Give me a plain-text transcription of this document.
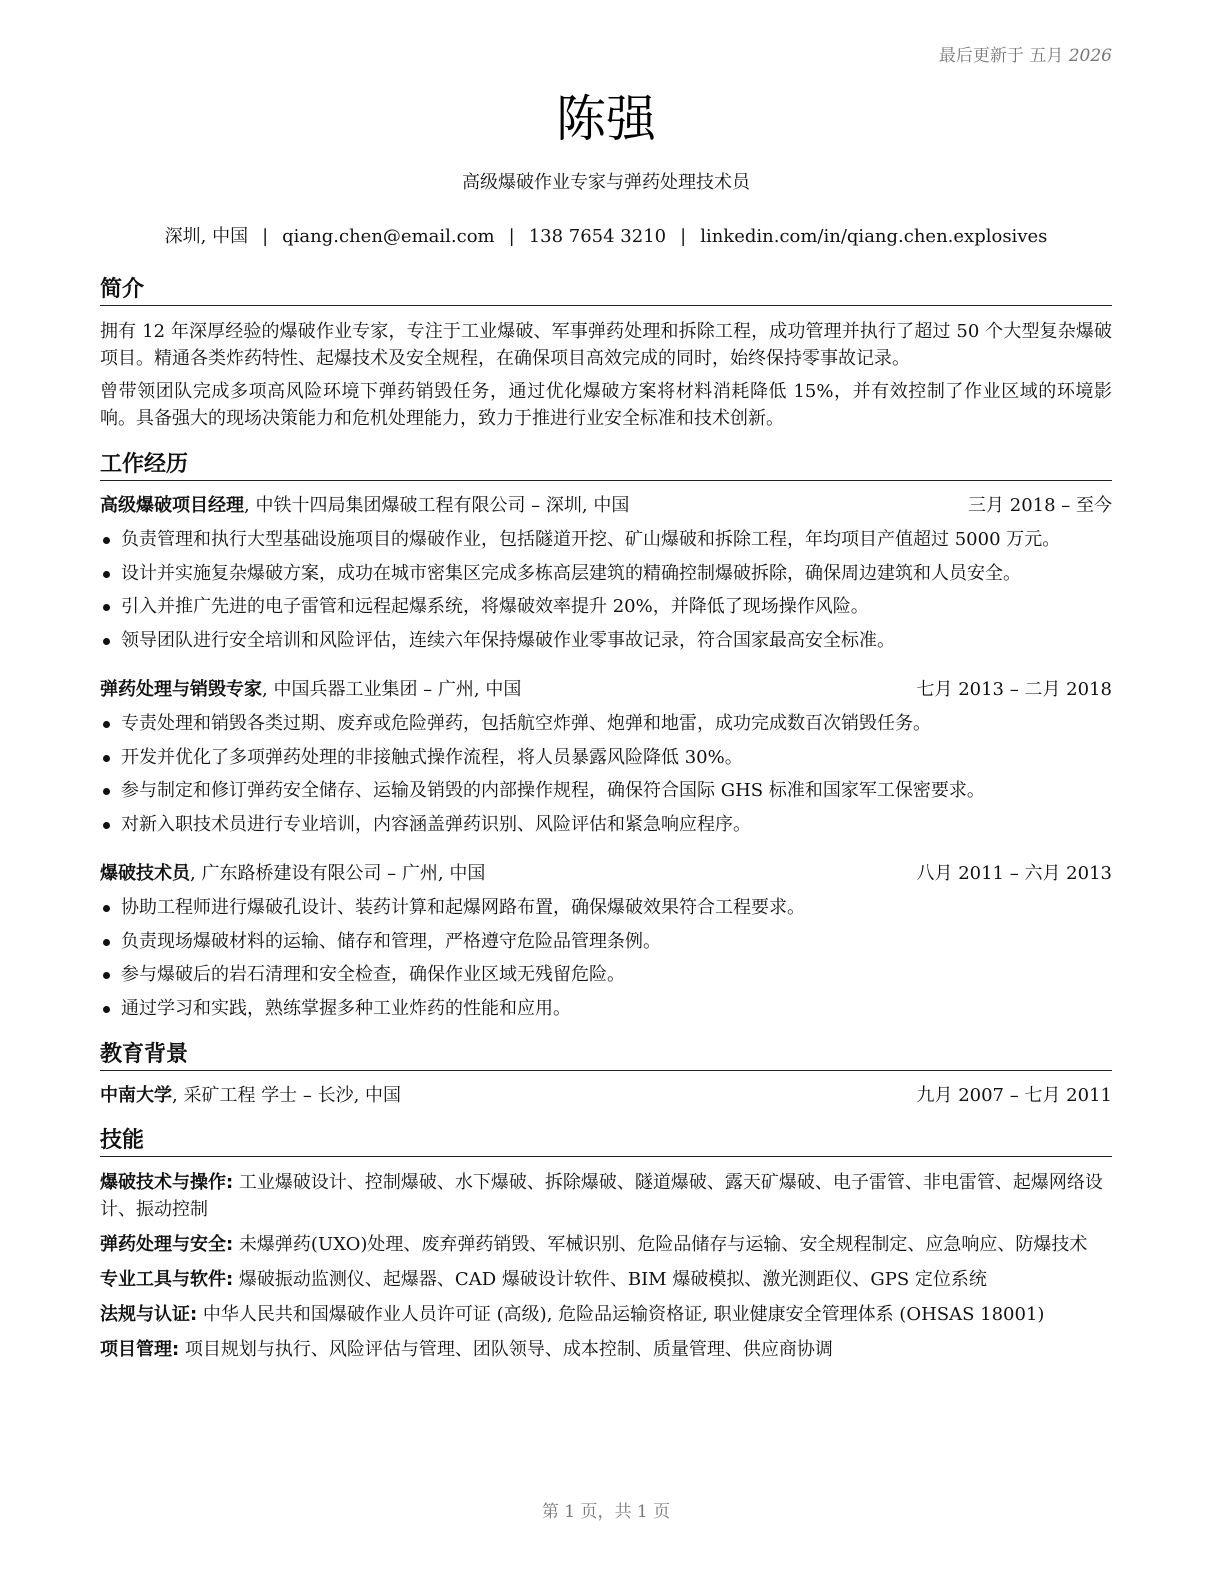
最后更新于 五月 2026
陈强
高级爆破作业专家与弹药处理技术员
深圳, 中国 | qiang.chen@email.com | 138 7654 3210 | linkedin.com/in/qiang.chen.explosives
简介

拥有 12 年深厚经验的爆破作业专家，专注于工业爆破、军事弹药处理和拆除工程，成功管理并执行了超过 50 个大型复杂爆破项目。精通各类炸药特性、起爆技术及安全规程，在确保项目高效完成的同时，始终保持零事故记录。

曾带领团队完成多项高风险环境下弹药销毁任务，通过优化爆破方案将材料消耗降低 15%，并有效控制了作业区域的环境影响。具备强大的现场决策能力和危机处理能力，致力于推进行业安全标准和技术创新。

工作经历
高级爆破项目经理, 中铁十四局集团爆破工程有限公司 – 深圳, 中国	三月 2018 – 至今
负责管理和执行大型基础设施项目的爆破作业，包括隧道开挖、矿山爆破和拆除工程，年均项目产值超过 5000 万元。
设计并实施复杂爆破方案，成功在城市密集区完成多栋高层建筑的精确控制爆破拆除，确保周边建筑和人员安全。
引入并推广先进的电子雷管和远程起爆系统，将爆破效率提升 20%，并降低了现场操作风险。
领导团队进行安全培训和风险评估，连续六年保持爆破作业零事故记录，符合国家最高安全标准。
弹药处理与销毁专家, 中国兵器工业集团 – 广州, 中国	七月 2013 – 二月 2018
专责处理和销毁各类过期、废弃或危险弹药，包括航空炸弹、炮弹和地雷，成功完成数百次销毁任务。
开发并优化了多项弹药处理的非接触式操作流程，将人员暴露风险降低 30%。
参与制定和修订弹药安全储存、运输及销毁的内部操作规程，确保符合国际 GHS 标准和国家军工保密要求。
对新入职技术员进行专业培训，内容涵盖弹药识别、风险评估和紧急响应程序。
爆破技术员, 广东路桥建设有限公司 – 广州, 中国	八月 2011 – 六月 2013
协助工程师进行爆破孔设计、装药计算和起爆网路布置，确保爆破效果符合工程要求。
负责现场爆破材料的运输、储存和管理，严格遵守危险品管理条例。
参与爆破后的岩石清理和安全检查，确保作业区域无残留危险。
通过学习和实践，熟练掌握多种工业炸药的性能和应用。
教育背景
中南大学, 采矿工程 学士 – 长沙, 中国	九月 2007 – 七月 2011
技能

爆破技术与操作: 工业爆破设计、控制爆破、水下爆破、拆除爆破、隧道爆破、露天矿爆破、电子雷管、非电雷管、起爆网络设计、振动控制

弹药处理与安全: 未爆弹药(UXO)处理、废弃弹药销毁、军械识别、危险品储存与运输、安全规程制定、应急响应、防爆技术

专业工具与软件: 爆破振动监测仪、起爆器、CAD 爆破设计软件、BIM 爆破模拟、激光测距仪、GPS 定位系统

法规与认证: 中华人民共和国爆破作业人员许可证 (高级), 危险品运输资格证, 职业健康安全管理体系 (OHSAS 18001)

项目管理: 项目规划与执行、风险评估与管理、团队领导、成本控制、质量管理、供应商协调

第 1 页，共 1 页
